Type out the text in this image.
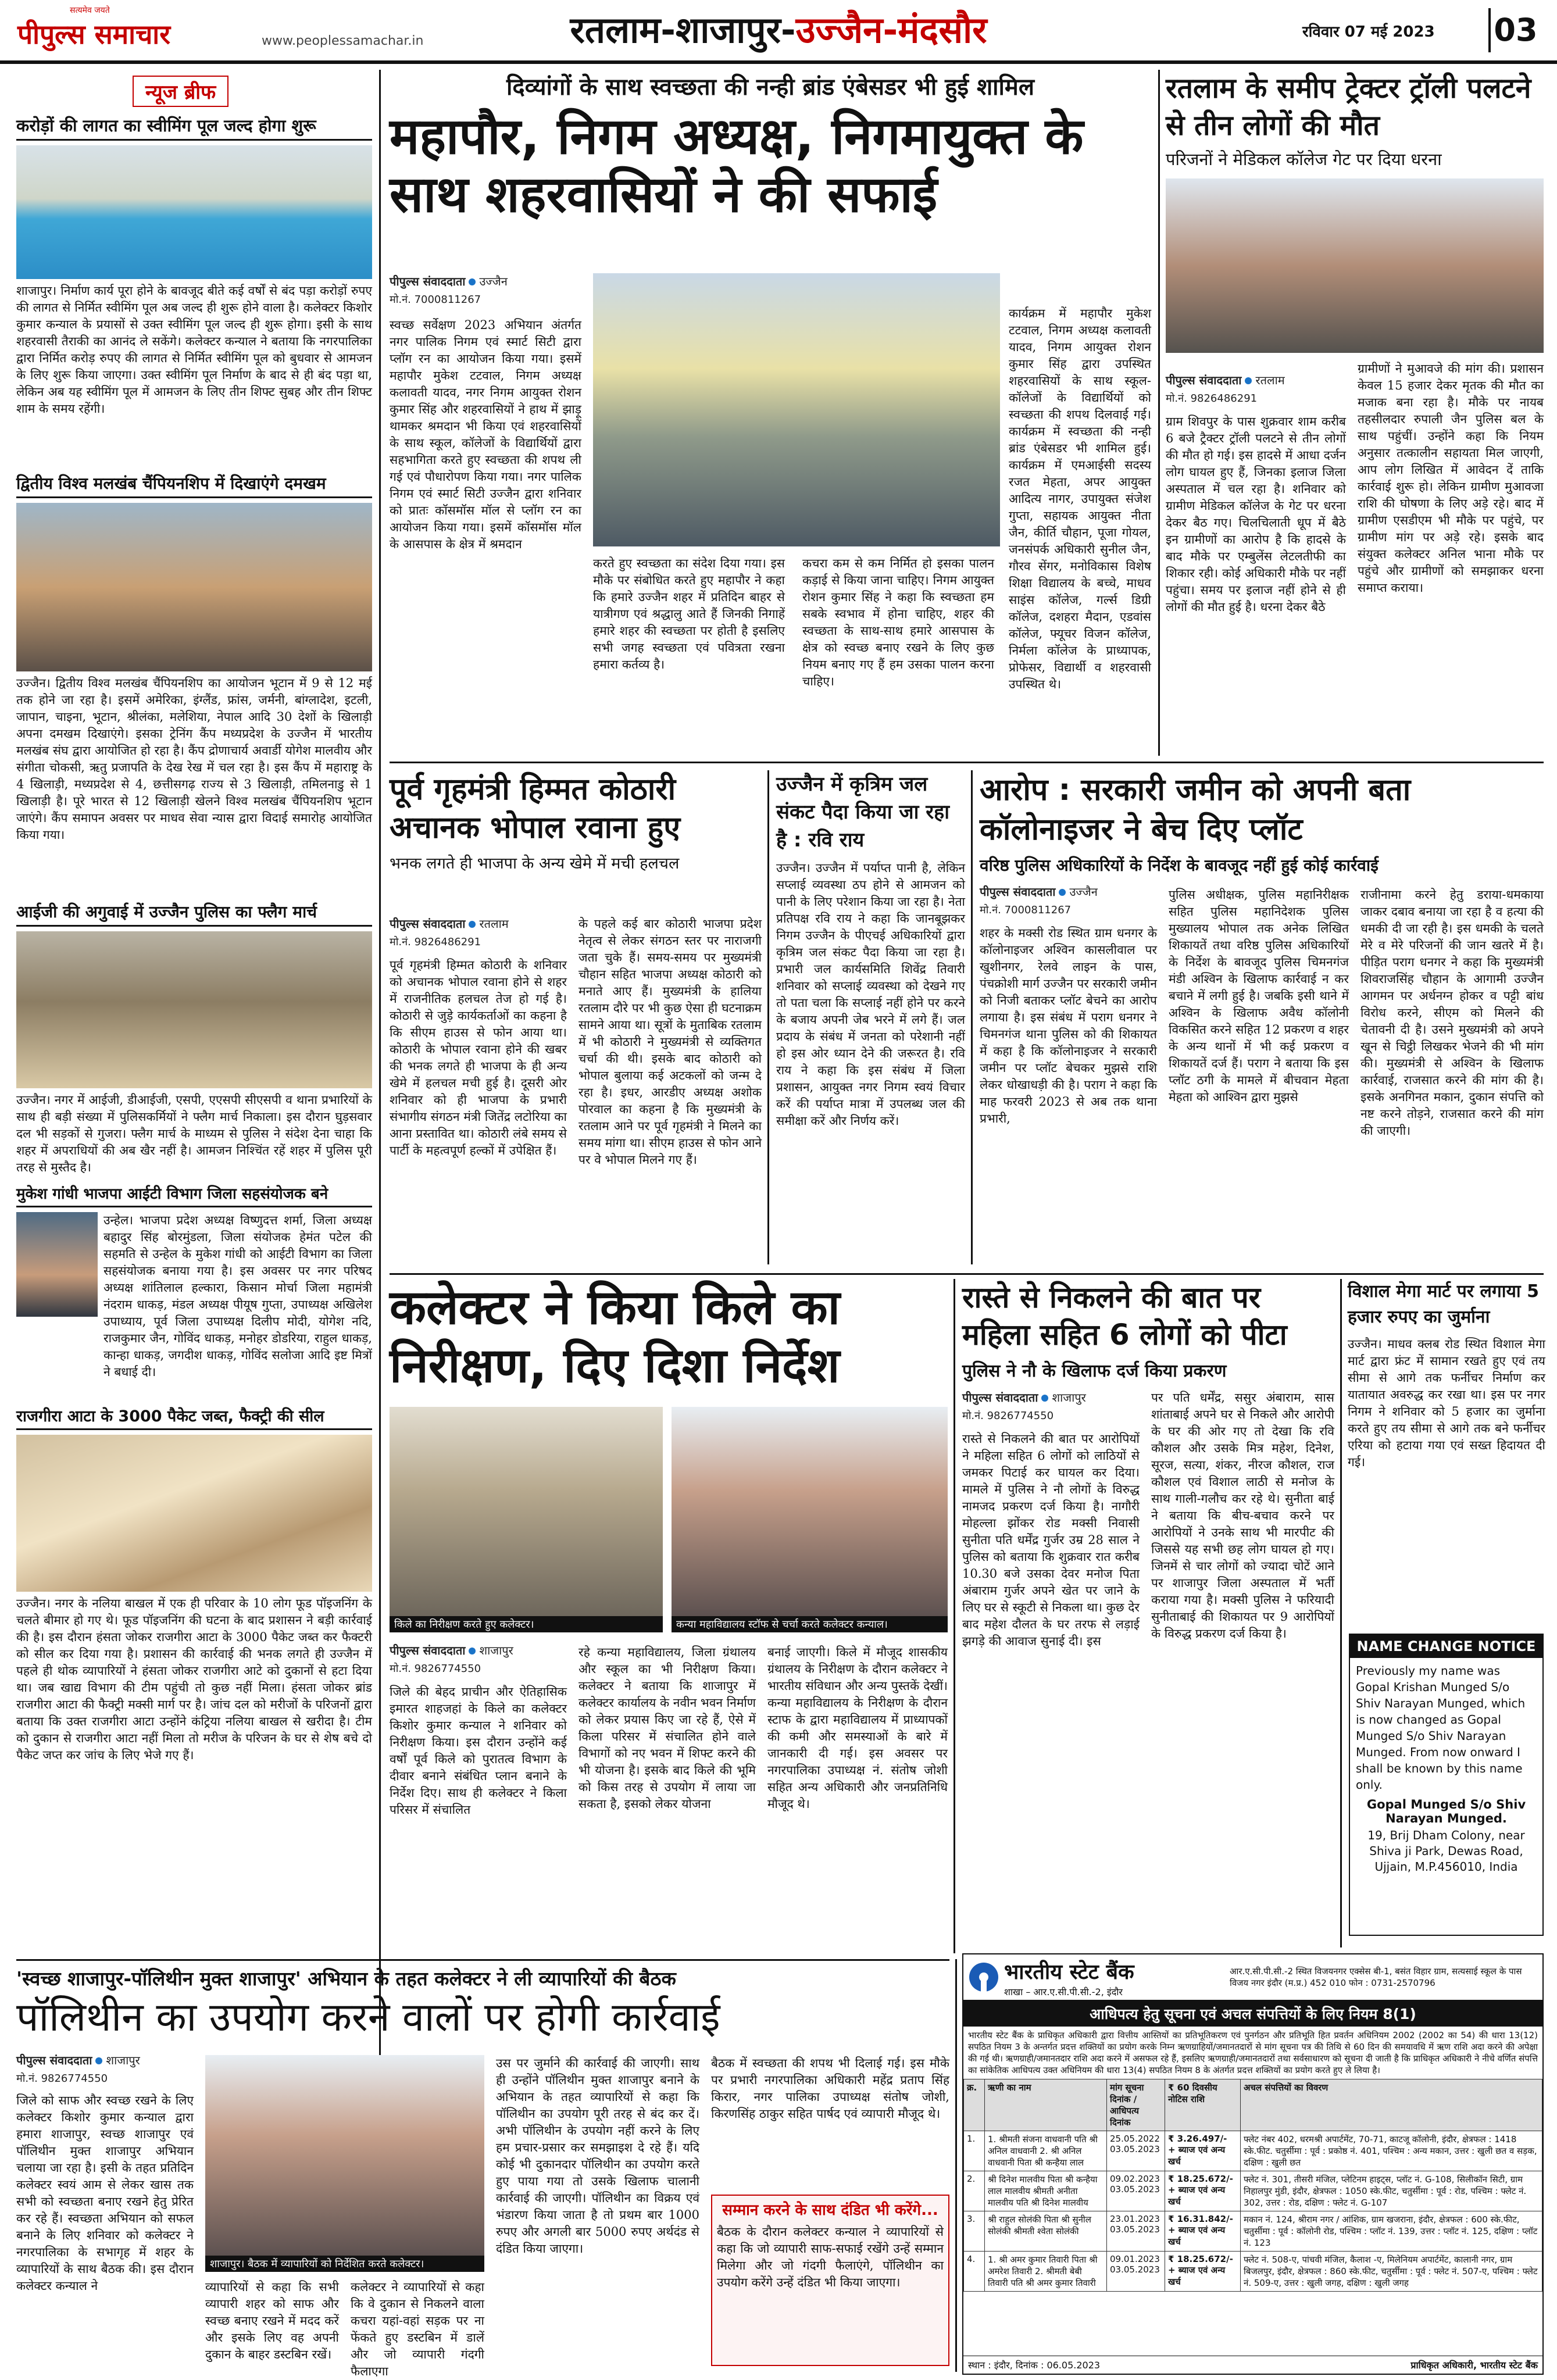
सत्यमेव जयते
पीपुल्स समाचार	www.peoplessamachar.in	रतलाम-शाजापुर-उज्जैन-मंदसौर	रविवार 07 मई 2023 03
न्यूज ब्रीफ
करोड़ों की लागत का स्वीमिंग पूल जल्द होगा शुरू
शाजापुर। निर्माण कार्य पूरा होने के बावजूद बीते कई वर्षों से बंद पड़ा करोड़ों रुपए की लागत से निर्मित स्वीमिंग पूल अब जल्द ही शुरू होने वाला है। कलेक्टर किशोर कुमार कन्याल के प्रयासों से उक्त स्वीमिंग पूल जल्द ही शुरू होगा। इसी के साथ शहरवासी तैराकी का आनंद ले सकेंगे। कलेक्टर कन्याल ने बताया कि नगरपालिका द्वारा निर्मित करोड़ रुपए की लागत से निर्मित स्वीमिंग पूल को बुधवार से आमजन के लिए शुरू किया जाएगा। उक्त स्वीमिंग पूल निर्माण के बाद से ही बंद पड़ा था, लेकिन अब यह स्वीमिंग पूल में आमजन के लिए तीन शिफ्ट सुबह और तीन शिफ्ट शाम के समय रहेंगी।
द्वितीय विश्व मलखंब चैंपियनशिप में दिखाएंगे दमखम
उज्जैन। द्वितीय विश्व मलखंब चैंपियनशिप का आयोजन भूटान में 9 से 12 मई तक होने जा रहा है। इसमें अमेरिका, इंग्लैंड, फ्रांस, जर्मनी, बांग्लादेश, इटली, जापान, चाइना, भूटान, श्रीलंका, मलेशिया, नेपाल आदि 30 देशों के खिलाड़ी अपना दमखम दिखाएंगे। इसका ट्रेनिंग कैंप मध्यप्रदेश के उज्जैन में भारतीय मलखंब संघ द्वारा आयोजित हो रहा है। कैंप द्रोणाचार्य अवार्डी योगेश मालवीय और संगीता चोकसी, ऋतु प्रजापति के देख रेख में चल रहा है। इस कैंप में महाराष्ट्र के 4 खिलाड़ी, मध्यप्रदेश से 4, छत्तीसगढ़ राज्य से 3 खिलाड़ी, तमिलनाडु से 1 खिलाड़ी है। पूरे भारत से 12 खिलाड़ी खेलने विश्व मलखंब चैंपियनशिप भूटान जाएंगे। कैंप समापन अवसर पर माधव सेवा न्यास द्वारा विदाई समारोह आयोजित किया गया।
आईजी की अगुवाई में उज्जैन पुलिस का फ्लैग मार्च
उज्जैन। नगर में आईजी, डीआईजी, एसपी, एएसपी सीएसपी व थाना प्रभारियों के साथ ही बड़ी संख्या में पुलिसकर्मियों ने फ्लैग मार्च निकाला। इस दौरान घुड़सवार दल भी सड़कों से गुजरा। फ्लैग मार्च के माध्यम से पुलिस ने संदेश देना चाहा कि शहर में अपराधियों की अब खैर नहीं है। आमजन निश्चिंत रहें शहर में पुलिस पूरी तरह से मुस्तैद है।
मुकेश गांधी भाजपा आईटी विभाग जिला सहसंयोजक बने
उन्हेल। भाजपा प्रदेश अध्यक्ष विष्णुदत्त शर्मा, जिला अध्यक्ष बहादुर सिंह बोरमुंडला, जिला संयोजक हेमंत पटेल की सहमति से उन्हेल के मुकेश गांधी को आईटी विभाग का जिला सहसंयोजक बनाया गया है। इस अवसर पर नगर परिषद अध्यक्ष शांतिलाल हल्कारा, किसान मोर्चा जिला महामंत्री नंदराम धाकड़, मंडल अध्यक्ष पीयूष गुप्ता, उपाध्यक्ष अखिलेश उपाध्याय, पूर्व जिला उपाध्यक्ष दिलीप मोदी, योगेश नदि, राजकुमार जैन, गोविंद धाकड़, मनोहर डोडरिया, राहुल धाकड़, कान्हा धाकड़, जगदीश धाकड़, गोविंद सलोजा आदि इष्ट मित्रों ने बधाई दी।
राजगीरा आटा के 3000 पैकेट जब्त, फैक्ट्री की सील
उज्जैन। नगर के नलिया बाखल में एक ही परिवार के 10 लोग फूड पॉइजनिंग के चलते बीमार हो गए थे। फूड पॉइजनिंग की घटना के बाद प्रशासन ने बड़ी कार्रवाई की है। इस दौरान हंसता जोकर राजगीरा आटा के 3000 पैकेट जब्त कर फैक्टरी को सील कर दिया गया है। प्रशासन की कार्रवाई की भनक लगते ही उज्जैन में पहले ही थोक व्यापारियों ने हंसता जोकर राजगीरा आटे को दुकानों से हटा दिया था। जब खाद्य विभाग की टीम पहुंची तो कुछ नहीं मिला। हंसता जोकर ब्रांड राजगीरा आटा की फैक्ट्री मक्सी मार्ग पर है। जांच दल को मरीजों के परिजनों द्वारा बताया कि उक्त राजगीरा आटा उन्होंने कंट्रिया नलिया बाखल से खरीदा है। टीम को दुकान से राजगीरा आटा नहीं मिला तो मरीज के परिजन के घर से शेष बचे दो पैकेट जप्त कर जांच के लिए भेजे गए हैं।
दिव्यांगों के साथ स्वच्छता की नन्ही ब्रांड एंबेसडर भी हुई शामिल
महापौर, निगम अध्यक्ष, निगमायुक्त के साथ शहरवासियों ने की सफाई
पीपुल्स संवाददाता उज्जैन
मो.नं. 7000811267
स्वच्छ सर्वेक्षण 2023 अभियान अंतर्गत नगर पालिक निगम एवं स्मार्ट सिटी द्वारा प्लॉग रन का आयोजन किया गया। इसमें महापौर मुकेश टटवाल, निगम अध्यक्ष कलावती यादव, नगर निगम आयुक्त रोशन कुमार सिंह और शहरवासियों ने हाथ में झाड़ू थामकर श्रमदान भी किया एवं शहरवासियों के साथ स्कूल, कॉलेजों के विद्यार्थियों द्वारा सहभागिता करते हुए स्वच्छता की शपथ ली गई एवं पौधारोपण किया गया। नगर पालिक निगम एवं स्मार्ट सिटी उज्जैन द्वारा शनिवार को प्रातः कॉसमॉस मॉल से प्लॉग रन का आयोजन किया गया। इसमें कॉसमॉस मॉल के आसपास के क्षेत्र में श्रमदान
करते हुए स्वच्छता का संदेश दिया गया। इस मौके पर संबोधित करते हुए महापौर ने कहा कि हमारे उज्जैन शहर में प्रतिदिन बाहर से यात्रीगण एवं श्रद्धालु आते हैं जिनकी निगाहें हमारे शहर की स्वच्छता पर होती है इसलिए सभी जगह स्वच्छता एवं पवित्रता रखना हमारा कर्तव्य है।
कचरा कम से कम निर्मित हो इसका पालन कड़ाई से किया जाना चाहिए। निगम आयुक्त रोशन कुमार सिंह ने कहा कि स्वच्छता हम सबके स्वभाव में होना चाहिए, शहर की स्वच्छता के साथ-साथ हमारे आसपास के क्षेत्र को स्वच्छ बनाए रखने के लिए कुछ नियम बनाए गए हैं हम उसका पालन करना चाहिए।
कार्यक्रम में महापौर मुकेश टटवाल, निगम अध्यक्ष कलावती यादव, निगम आयुक्त रोशन कुमार सिंह द्वारा उपस्थित शहरवासियों के साथ स्कूल-कॉलेजों के विद्यार्थियों को स्वच्छता की शपथ दिलवाई गई। कार्यक्रम में स्वच्छता की नन्ही ब्रांड एंबेसडर भी शामिल हुई। कार्यक्रम में एमआईसी सदस्य रजत मेहता, अपर आयुक्त आदित्य नागर, उपायुक्त संजेश गुप्ता, सहायक आयुक्त नीता जैन, कीर्ति चौहान, पूजा गोयल, जनसंपर्क अधिकारी सुनील जैन, गौरव सेंगर, मनोविकास विशेष शिक्षा विद्यालय के बच्चे, माधव साइंस कॉलेज, गर्ल्स डिग्री कॉलेज, दशहरा मैदान, एडवांस कॉलेज, फ्यूचर विजन कॉलेज, निर्मला कॉलेज के प्राध्यापक, प्रोफेसर, विद्यार्थी व शहरवासी उपस्थित थे।
रतलाम के समीप ट्रेक्टर ट्रॉली पलटने से तीन लोगों की मौत
परिजनों ने मेडिकल कॉलेज गेट पर दिया धरना
पीपुल्स संवाददाता रतलाम
मो.नं. 9826486291
ग्राम शिवपुर के पास शुक्रवार शाम करीब 6 बजे ट्रैक्टर ट्रॉली पलटने से तीन लोगों की मौत हो गई। इस हादसे में आधा दर्जन लोग घायल हुए हैं, जिनका इलाज जिला अस्पताल में चल रहा है। शनिवार को ग्रामीण मेडिकल कॉलेज के गेट पर धरना देकर बैठ गए। चिलचिलाती धूप में बैठे इन ग्रामीणों का आरोप है कि हादसे के बाद मौके पर एम्बुलेंस लेटलतीफी का शिकार रही। कोई अधिकारी मौके पर नहीं पहुंचा। समय पर इलाज नहीं होने से ही लोगों की मौत हुई है। धरना देकर बैठे
ग्रामीणों ने मुआवजे की मांग की। प्रशासन केवल 15 हजार देकर मृतक की मौत का मजाक बना रहा है। मौके पर नायब तहसीलदार रुपाली जैन पुलिस बल के साथ पहुंचीं। उन्होंने कहा कि नियम अनुसार तत्कालीन सहायता मिल जाएगी, आप लोग लिखित में आवेदन दें ताकि कार्रवाई शुरू हो। लेकिन ग्रामीण मुआवजा राशि की घोषणा के लिए अड़े रहे। बाद में ग्रामीण एसडीएम भी मौके पर पहुंचे, पर ग्रामीण मांग पर अड़े रहे। इसके बाद संयुक्त कलेक्टर अनिल भाना मौके पर पहुंचे और ग्रामीणों को समझाकर धरना समाप्त कराया।
पूर्व गृहमंत्री हिम्मत कोठारी अचानक भोपाल रवाना हुए
भनक लगते ही भाजपा के अन्य खेमे में मची हलचल
पीपुल्स संवाददाता रतलाम
मो.नं. 9826486291
पूर्व गृहमंत्री हिम्मत कोठारी के शनिवार को अचानक भोपाल रवाना होने से शहर में राजनीतिक हलचल तेज हो गई है। कोठारी से जुड़े कार्यकर्ताओं का कहना है कि सीएम हाउस से फोन आया था। कोठारी के भोपाल रवाना होने की खबर की भनक लगते ही भाजपा के ही अन्य खेमे में हलचल मची हुई है। दूसरी ओर शनिवार को ही भाजपा के प्रभारी संभागीय संगठन मंत्री जितेंद्र लटोरिया का आना प्रस्तावित था। कोठारी लंबे समय से पार्टी के महत्वपूर्ण हल्कों में उपेक्षित हैं।
के पहले कई बार कोठारी भाजपा प्रदेश नेतृत्व से लेकर संगठन स्तर पर नाराजगी जता चुके हैं। समय-समय पर मुख्यमंत्री चौहान सहित भाजपा अध्यक्ष कोठारी को मनाते आए हैं। मुख्यमंत्री के हालिया रतलाम दौरे पर भी कुछ ऐसा ही घटनाक्रम सामने आया था। सूत्रों के मुताबिक रतलाम में भी कोठारी ने मुख्यमंत्री से व्यक्तिगत चर्चा की थी। इसके बाद कोठारी को भोपाल बुलाया कई अटकलों को जन्म दे रहा है। इधर, आरडीए अध्यक्ष अशोक पोरवाल का कहना है कि मुख्यमंत्री के रतलाम आने पर पूर्व गृहमंत्री ने मिलने का समय मांगा था। सीएम हाउस से फोन आने पर वे भोपाल मिलने गए हैं।
उज्जैन में कृत्रिम जल संकट पैदा किया जा रहा है : रवि राय
उज्जैन। उज्जैन में पर्याप्त पानी है, लेकिन सप्लाई व्यवस्था ठप होने से आमजन को पानी के लिए परेशान किया जा रहा है। नेता प्रतिपक्ष रवि राय ने कहा कि जानबूझकर निगम उज्जैन के पीएचई अधिकारियों द्वारा कृत्रिम जल संकट पैदा किया जा रहा है। प्रभारी जल कार्यसमिति शिवेंद्र तिवारी शनिवार को सप्लाई व्यवस्था को देखने गए तो पता चला कि सप्लाई नहीं होने पर करने के बजाय अपनी जेब भरने में लगे हैं। जल प्रदाय के संबंध में जनता को परेशानी नहीं हो इस ओर ध्यान देने की जरूरत है। रवि राय ने कहा कि इस संबंध में जिला प्रशासन, आयुक्त नगर निगम स्वयं विचार करें की पर्याप्त मात्रा में उपलब्ध जल की समीक्षा करें और निर्णय करें।
आरोप : सरकारी जमीन को अपनी बता कॉलोनाइजर ने बेच दिए प्लॉट
वरिष्ठ पुलिस अधिकारियों के निर्देश के बावजूद नहीं हुई कोई कार्रवाई
पीपुल्स संवाददाता उज्जैन
मो.नं. 7000811267
शहर के मक्सी रोड स्थित ग्राम धनगर के कॉलोनाइजर अश्विन कासलीवाल पर खुशीनगर, रेलवे लाइन के पास, पंचक्रोशी मार्ग उज्जैन पर सरकारी जमीन को निजी बताकर प्लॉट बेचने का आरोप लगाया है। इस संबंध में पराग धनगर ने चिमनगंज थाना पुलिस को की शिकायत में कहा है कि कॉलोनाइजर ने सरकारी जमीन पर प्लॉट बेचकर मुझसे राशि लेकर धोखाधड़ी की है। पराग ने कहा कि माह फरवरी 2023 से अब तक थाना प्रभारी,
पुलिस अधीक्षक, पुलिस महानिरीक्षक सहित पुलिस महानिदेशक पुलिस मुख्यालय भोपाल तक अनेक लिखित शिकायतें तथा वरिष्ठ पुलिस अधिकारियों के निर्देश के बावजूद पुलिस चिमनगंज मंडी अश्विन के खिलाफ कार्रवाई न कर बचाने में लगी हुई है। जबकि इसी थाने में अश्विन के खिलाफ अवैध कॉलोनी विकसित करने सहित 12 प्रकरण व शहर के अन्य थानों में भी कई प्रकरण व शिकायतें दर्ज हैं। पराग ने बताया कि इस प्लॉट ठगी के मामले में बीचवान मेहता मेहता को आश्विन द्वारा मुझसे
राजीनामा करने हेतु डराया-धमकाया जाकर दबाव बनाया जा रहा है व हत्या की धमकी दी जा रही है। इस धमकी के चलते मेरे व मेरे परिजनों की जान खतरे में है। पीड़ित पराग धनगर ने कहा कि मुख्यमंत्री शिवराजसिंह चौहान के आगामी उज्जैन आगमन पर अर्धनग्न होकर व पट्टी बांध विरोध करने, सीएम को मिलने की चेतावनी दी है। उसने मुख्यमंत्री को अपने खून से चिट्ठी लिखकर भेजने की भी मांग की। मुख्यमंत्री से अश्विन के खिलाफ कार्रवाई, राजसात करने की मांग की है। इसके अनगिनत मकान, दुकान संपत्ति को नष्ट करने तोड़ने, राजसात करने की मांग की जाएगी।
कलेक्टर ने किया किले का निरीक्षण, दिए दिशा निर्देश
किले का निरीक्षण करते हुए कलेक्टर।	कन्या महाविद्यालय स्टॉफ से चर्चा करते कलेक्टर कन्याल।
पीपुल्स संवाददाता शाजापुर
मो.नं. 9826774550
जिले की बेहद प्राचीन और ऐतिहासिक इमारत शाहजहां के किले का कलेक्टर किशोर कुमार कन्याल ने शनिवार को निरीक्षण किया। इस दौरान उन्होंने कई वर्षों पूर्व किले को पुरातत्व विभाग के दीवार बनाने संबंधित प्लान बनाने के निर्देश दिए। साथ ही कलेक्टर ने किला परिसर में संचालित
रहे कन्या महाविद्यालय, जिला ग्रंथालय और स्कूल का भी निरीक्षण किया। कलेक्टर ने बताया कि शाजापुर में कलेक्टर कार्यालय के नवीन भवन निर्माण को लेकर प्रयास किए जा रहे हैं, ऐसे में किला परिसर में संचालित होने वाले विभागों को नए भवन में शिफ्ट करने की भी योजना है। इसके बाद किले की भूमि को किस तरह से उपयोग में लाया जा सकता है, इसको लेकर योजना
बनाई जाएगी। किले में मौजूद शासकीय ग्रंथालय के निरीक्षण के दौरान कलेक्टर ने भारतीय संविधान और अन्य पुस्तकें देखीं। कन्या महाविद्यालय के निरीक्षण के दौरान स्टाफ के द्वारा महाविद्यालय में प्राध्यापकों की कमी और समस्याओं के बारे में जानकारी दी गई। इस अवसर पर नगरपालिका उपाध्यक्ष नं. संतोष जोशी सहित अन्य अधिकारी और जनप्रतिनिधि मौजूद थे।
रास्ते से निकलने की बात पर महिला सहित 6 लोगों को पीटा
पुलिस ने नौ के खिलाफ दर्ज किया प्रकरण
पीपुल्स संवाददाता शाजापुर
मो.नं. 9826774550
रास्ते से निकलने की बात पर आरोपियों ने महिला सहित 6 लोगों को लाठियों से जमकर पिटाई कर घायल कर दिया। मामले में पुलिस ने नौ लोगों के विरुद्ध नामजद प्रकरण दर्ज किया है। नागौरी मोहल्ला झोंकर रोड मक्सी निवासी सुनीता पति धर्मेंद्र गुर्जर उम्र 28 साल ने पुलिस को बताया कि शुक्रवार रात करीब 10.30 बजे उसका देवर मनोज पिता अंबाराम गुर्जर अपने खेत पर जाने के लिए घर से स्कूटी से निकला था। कुछ देर बाद महेश दौलत के घर तरफ से लड़ाई झगड़े की आवाज सुनाई दी। इस
पर पति धर्मेंद्र, ससुर अंबाराम, सास शांताबाई अपने घर से निकले और आरोपी के घर की ओर गए तो देखा कि रवि कौशल और उसके मित्र महेश, दिनेश, सूरज, सत्या, शंकर, नीरज कौशल, राज कौशल एवं विशाल लाठी से मनोज के साथ गाली-गलौच कर रहे थे। सुनीता बाई ने बताया कि बीच-बचाव करने पर आरोपियों ने उनके साथ भी मारपीट की जिससे यह सभी छह लोग घायल हो गए। जिनमें से चार लोगों को ज्यादा चोटें आने पर शाजापुर जिला अस्पताल में भर्ती कराया गया है। मक्सी पुलिस ने फरियादी सुनीताबाई की शिकायत पर 9 आरोपियों के विरुद्ध प्रकरण दर्ज किया है।
विशाल मेगा मार्ट पर लगाया 5 हजार रुपए का जुर्माना
उज्जैन। माधव क्लब रोड स्थित विशाल मेगा मार्ट द्वारा फ्रंट में सामान रखते हुए एवं तय सीमा से आगे तक फर्नीचर निर्माण कर यातायात अवरुद्ध कर रखा था। इस पर नगर निगम ने शनिवार को 5 हजार का जुर्माना करते हुए तय सीमा से आगे तक बने फर्नीचर एरिया को हटाया गया एवं सख्त हिदायत दी गई।
NAME CHANGE NOTICE
Previously my name was Gopal Krishan Munged S/o Shiv Narayan Munged, which is now changed as Gopal Munged S/o Shiv Narayan Munged. From now onward I shall be known by this name only.
Gopal Munged S/o Shiv Narayan Munged.
19, Brij Dham Colony, near Shiva ji Park, Dewas Road, Ujjain, M.P.456010, India
'स्वच्छ शाजापुर-पॉलिथीन मुक्त शाजापुर' अभियान के तहत कलेक्टर ने ली व्यापारियों की बैठक
पॉलिथीन का उपयोग करने वालों पर होगी कार्रवाई
पीपुल्स संवाददाता शाजापुर
मो.नं. 9826774550
जिले को साफ और स्वच्छ रखने के लिए कलेक्टर किशोर कुमार कन्याल द्वारा हमारा शाजापुर, स्वच्छ शाजापुर एवं पॉलिथीन मुक्त शाजापुर अभियान चलाया जा रहा है। इसी के तहत प्रतिदिन कलेक्टर स्वयं आम से लेकर खास तक सभी को स्वच्छता बनाए रखने हेतु प्रेरित कर रहे हैं। स्वच्छता अभियान को सफल बनाने के लिए शनिवार को कलेक्टर ने नगरपालिका के सभागृह में शहर के व्यापारियों के साथ बैठक की। इस दौरान कलेक्टर कन्याल ने
शाजापुर। बैठक में व्यापारियों को निर्देशित करते कलेक्टर।
व्यापारियों से कहा कि सभी व्यापारी शहर को साफ और स्वच्छ बनाए रखने में मदद करें और इसके लिए वह अपनी दुकान के बाहर डस्टबिन रखें।
कलेक्टर ने व्यापारियों से कहा कि वे दुकान से निकलने वाला कचरा यहां-वहां सड़क पर ना फेंकते हुए डस्टबिन में डालें और जो व्यापारी गंदगी फैलाएगा
उस पर जुर्माने की कार्रवाई की जाएगी। साथ ही उन्होंने पॉलिथीन मुक्त शाजापुर बनाने के अभियान के तहत व्यापारियों से कहा कि पॉलिथीन का उपयोग पूरी तरह से बंद कर दें। अभी पॉलिथीन के उपयोग नहीं करने के लिए हम प्रचार-प्रसार कर समझाइश दे रहे हैं। यदि कोई भी दुकानदार पॉलिथीन का उपयोग करते हुए पाया गया तो उसके खिलाफ चालानी कार्रवाई की जाएगी। पॉलिथीन का विक्रय एवं भंडारण किया जाता है तो प्रथम बार 1000 रुपए और अगली बार 5000 रुपए अर्थदंड से दंडित किया जाएगा।
बैठक में स्वच्छता की शपथ भी दिलाई गई। इस मौके पर प्रभारी नगरपालिका अधिकारी महेंद्र प्रताप सिंह किरार, नगर पालिका उपाध्यक्ष संतोष जोशी, किरणसिंह ठाकुर सहित पार्षद एवं व्यापारी मौजूद थे।
सम्मान करने के साथ दंडित भी करेंगे...
बैठक के दौरान कलेक्टर कन्याल ने व्यापारियों से कहा कि जो व्यापारी साफ-सफाई रखेंगे उन्हें सम्मान मिलेगा और जो गंदगी फैलाएंगे, पॉलिथीन का उपयोग करेंगे उन्हें दंडित भी किया जाएगा।
भारतीय स्टेट बैंक
शाखा – आर.ए.सी.पी.सी.-2, इंदौर
आर.ए.सी.पी.सी.-2 स्थित विजयनगर एक्सेस बी-1, बसंत विहार ग्राम, सत्यसाई स्कूल के पास विजय नगर इंदौर (म.प्र.) 452 010 फोन : 0731-2570796
आधिपत्य हेतु सूचना एवं अचल संपत्तियों के लिए नियम 8(1)
भारतीय स्टेट बैंक के प्राधिकृत अधिकारी द्वारा वित्तीय आस्तियों का प्रतिभूतिकरण एवं पुनर्गठन और प्रतिभूति हित प्रवर्तन अधिनियम 2002 (2002 का 54) की धारा 13(12) सपठित नियम 3 के अन्तर्गत प्रदत्त शक्तियों का प्रयोग करके निम्न ऋणग्राहियों/जमानतदारों से मांग सूचना पत्र की तिथि से 60 दिन की समयावधि में ऋण राशि अदा करने की अपेक्षा की गई थी। ऋणग्राही/जमानतदार राशि अदा करने में असफल रहे हैं, इसलिए ऋणग्राही/जमानतदारों तथा सर्वसाधारण को सूचना दी जाती है कि प्राधिकृत अधिकारी ने नीचे वर्णित संपत्ति का सांकेतिक आधिपत्य उक्त अधिनियम की धारा 13(4) सपठित नियम 8 के अंतर्गत प्रदत्त शक्तियों का प्रयोग करते हुए ले लिया है।
क्र.	ऋणी का नाम	मांग सूचना दिनांक / आधिपत्य दिनांक	₹ 60 दिवसीय नोटिस राशि	अचल संपत्तियों का विवरण
1.	1. श्रीमती संजना वाधवानी पति श्री अनिल वाधवानी 2. श्री अनिल वाधवानी पिता श्री कन्हैया लाल	25.05.2022 03.05.2023	₹ 3.26.497/- + ब्याज एवं अन्य खर्च	फ्लेट नंबर 402, धरमश्री अपार्टमेंट, 70-71, काटजू कॉलोनी, इंदौर, क्षेत्रफल : 1418 स्के.फीट. चतुर्सीमा : पूर्व : प्रकोष्ठ नं. 401, पश्चिम : अन्य मकान, उत्तर : खुली छत व सड़क, दक्षिण : खुली छत
2.	श्री दिनेश मालवीय पिता श्री कन्हैया लाल मालवीय श्रीमती अनीता मालवीय पति श्री दिनेश मालवीय	09.02.2023 03.05.2023	₹ 18.25.672/- + ब्याज एवं अन्य खर्च	फ्लेट नं. 301, तीसरी मंजिल, प्लेटिनम हाइट्स, प्लॉट नं. G-108, सिलीकॉन सिटी, ग्राम निहालपुर मुंडी, इंदौर, क्षेत्रफल : 1050 स्के.फीट, चतुर्सीमा : पूर्व : रोड, पश्चिम : फ्लेट नं. 302, उत्तर : रोड, दक्षिण : फ्लेट नं. G-107
3.	श्री राहुल सोलंकी पिता श्री सुनील सोलंकी श्रीमती श्वेता सोलंकी	23.01.2023 03.05.2023	₹ 16.31.842/- + ब्याज एवं अन्य खर्च	मकान नं. 124, श्रीराम नगर / आंशिक, ग्राम खजराना, इंदौर, क्षेत्रफल : 600 स्के.फीट, चतुर्सीमा : पूर्व : कॉलोनी रोड, पश्चिम : प्लॉट नं. 139, उत्तर : प्लॉट नं. 125, दक्षिण : प्लॉट नं. 123
4.	1. श्री अमर कुमार तिवारी पिता श्री अमरेश तिवारी 2. श्रीमती बेबी तिवारी पति श्री अमर कुमार तिवारी	09.01.2023 03.05.2023	₹ 18.25.672/- + ब्याज एवं अन्य खर्च	फ्लेट नं. 508-ए, पांचवी मंजिल, कैलाश -ए, मिलेनियम अपार्टमेंट, कालानी नगर, ग्राम बिजलपुर, इंदौर, क्षेत्रफल : 860 स्के.फीट, चतुर्सीमा : पूर्व : फ्लेट नं. 507-ए, पश्चिम : फ्लेट नं. 509-ए, उत्तर : खुली जगह, दक्षिण : खुली जगह
स्थान : इंदौर, दिनांक : 06.05.2023	प्राधिकृत अधिकारी, भारतीय स्टेट बैंक
